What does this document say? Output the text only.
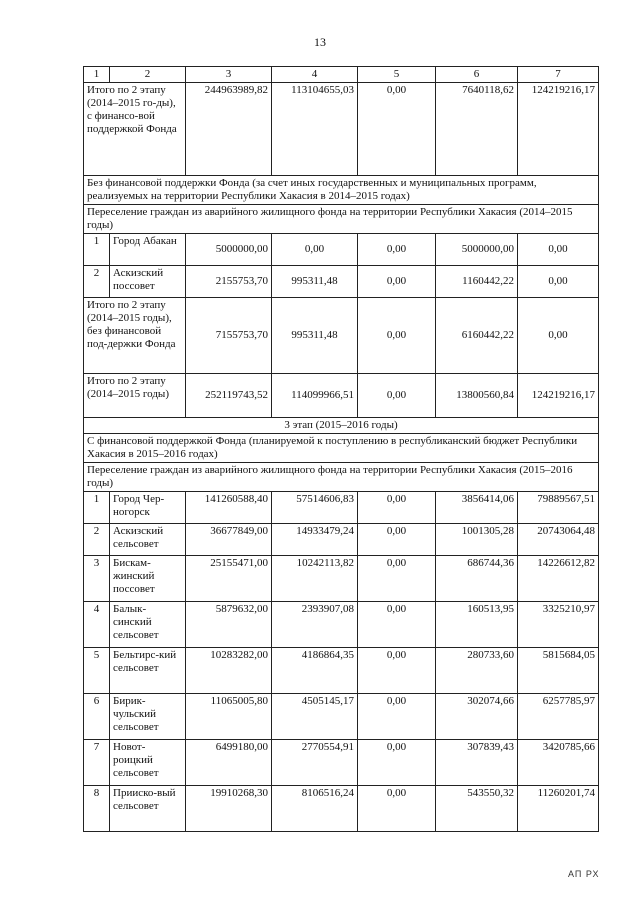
13
1	2	3	4	5	6	7
Итого по 2 этапу (2014–2015 го-ды), с финансо-вой поддержкой Фонда		244963989,82	113104655,03	0,00	7640118,62	124219216,17
Без финансовой поддержки Фонда (за счет иных государственных и муниципальных программ, реализуемых на территории Республики Хакасия в 2014–2015 годах)						
Переселение граждан из аварийного жилищного фонда на территории Республики Хакасия (2014–2015 годы)						
1	Город Абакан	5000000,00	0,00	0,00	5000000,00	0,00
2	Аскизский поссовет	2155753,70	995311,48	0,00	1160442,22	0,00
Итого по 2 этапу (2014–2015 годы), без финансовой под-держки Фонда		7155753,70	995311,48	0,00	6160442,22	0,00
Итого по 2 этапу (2014–2015 годы)		252119743,52	114099966,51	0,00	13800560,84	124219216,17
3 этап (2015–2016 годы)						
С финансовой поддержкой Фонда (планируемой к поступлению в республиканский бюджет Республики Хакасия в 2015–2016 годах)						
Переселение граждан из аварийного жилищного фонда на территории Республики Хакасия (2015–2016 годы)						
1	Город Чер-ногорск	141260588,40	57514606,83	0,00	3856414,06	79889567,51
2	Аскизский сельсовет	36677849,00	14933479,24	0,00	1001305,28	20743064,48
3	Бискам-жинский поссовет	25155471,00	10242113,82	0,00	686744,36	14226612,82
4	Балык-синский сельсовет	5879632,00	2393907,08	0,00	160513,95	3325210,97
5	Бельтирс-кий сельсовет	10283282,00	4186864,35	0,00	280733,60	5815684,05
6	Бирик-чульский сельсовет	11065005,80	4505145,17	0,00	302074,66	6257785,97
7	Новот-роицкий сельсовет	6499180,00	2770554,91	0,00	307839,43	3420785,66
8	Прииско-вый сельсовет	19910268,30	8106516,24	0,00	543550,32	11260201,74
АП РХ
